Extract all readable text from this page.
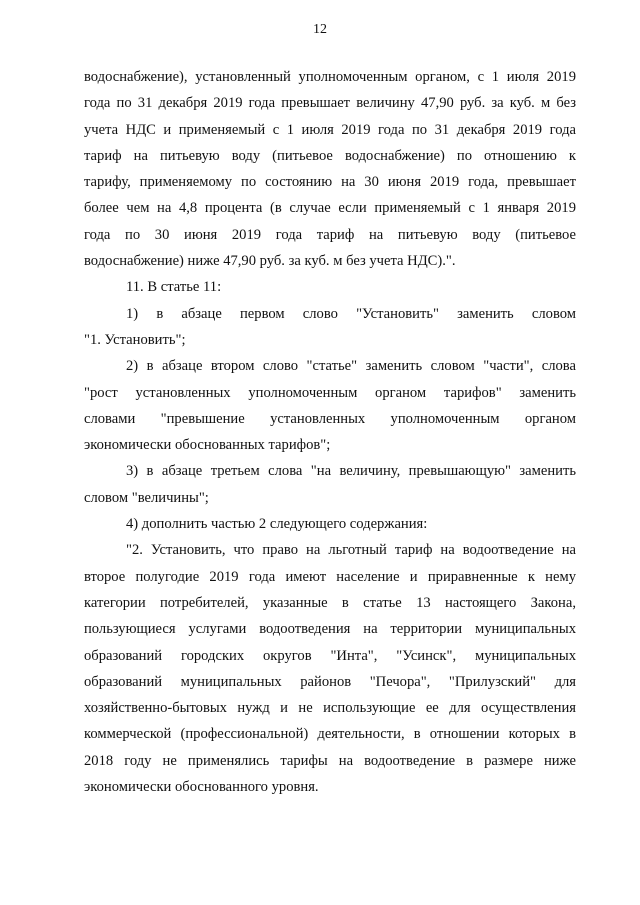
12
водоснабжение), установленный уполномоченным органом, с 1 июля 2019
года по 31 декабря 2019 года превышает величину 47,90 руб. за куб. м без
учета НДС и применяемый с 1 июля 2019 года по 31 декабря 2019 года
тариф на питьевую воду (питьевое водоснабжение) по отношению к
тарифу, применяемому по состоянию на 30 июня 2019 года, превышает
более чем на 4,8 процента (в случае если применяемый с 1 января 2019
года по 30 июня 2019 года тариф на питьевую воду (питьевое
водоснабжение) ниже 47,90 руб. за куб. м без учета НДС).".
11. В статье 11:
1) в абзаце первом слово "Установить" заменить словом
"1. Установить";
2) в абзаце втором слово "статье" заменить словом "части", слова
"рост установленных уполномоченным органом тарифов" заменить
словами "превышение установленных уполномоченным органом
экономически обоснованных тарифов";
3) в абзаце третьем слова "на величину, превышающую" заменить
словом "величины";
4) дополнить частью 2 следующего содержания:
"2. Установить, что право на льготный тариф на водоотведение на
второе полугодие 2019 года имеют население и приравненные к нему
категории потребителей, указанные в статье 13 настоящего Закона,
пользующиеся услугами водоотведения на территории муниципальных
образований городских округов "Инта", "Усинск", муниципальных
образований муниципальных районов "Печора", "Прилузский" для
хозяйственно-бытовых нужд и не использующие ее для осуществления
коммерческой (профессиональной) деятельности, в отношении которых в
2018 году не применялись тарифы на водоотведение в размере ниже
экономически обоснованного уровня.
